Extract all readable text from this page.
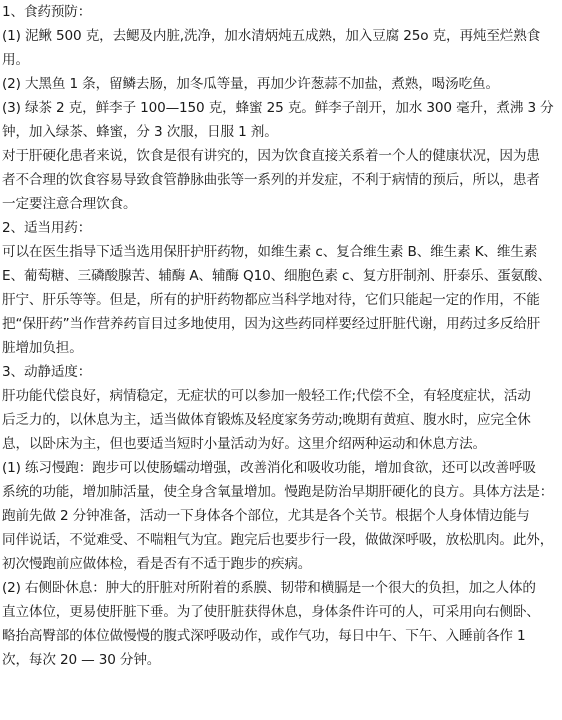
1、食药预防：
(1) 泥鳅 500 克，去鳃及内脏,洗净，加水清炳炖五成熟，加入豆腐 25o 克，再炖至烂熟食
用。
(2) 大黑鱼 1 条，留鳞去肠，加冬瓜等量，再加少许葱蒜不加盐，煮熟，喝汤吃鱼。
(3) 绿茶 2 克，鲜李子 100—150 克，蜂蜜 25 克。鲜李子剖开，加水 300 毫升，煮沸 3 分
钟，加入绿茶、蜂蜜，分 3 次服，日服 1 剂。
对于肝硬化患者来说，饮食是很有讲究的，因为饮食直接关系着一个人的健康状况，因为患
者不合理的饮食容易导致食管静脉曲张等一系列的并发症，不利于病情的预后，所以，患者
一定要注意合理饮食。
2、适当用药：
可以在医生指导下适当选用保肝护肝药物，如维生素 c、复合维生素 B、维生素 K、维生素
E、葡萄糖、三磷酸腺苦、辅酶 A、辅酶 Q10、细胞色素 c、复方肝制剂、肝泰乐、蛋氨酸、
肝宁、肝乐等等。但是，所有的护肝药物都应当科学地对待，它们只能起一定的作用，不能
把“保肝药”当作营养药盲目过多地使用，因为这些药同样要经过肝脏代谢，用药过多反给肝
脏增加负担。
3、动静适度：
肝功能代偿良好，病情稳定，无症状的可以参加一般轻工作;代偿不全，有轻度症状，活动
后乏力的，以休息为主，适当做体育锻炼及轻度家务劳动;晚期有黄疸、腹水时，应完全休
息，以卧床为主，但也要适当短时小量活动为好。这里介绍两种运动和休息方法。
(1) 练习慢跑：跑步可以使肠蠕动增强，改善消化和吸收功能，增加食欲，还可以改善呼吸
系统的功能，增加肺活量，使全身含氧量增加。慢跑是防治早期肝硬化的良方。具体方法是：
跑前先做 2 分钟准备，活动一下身体各个部位，尤其是各个关节。根据个人身体情边能与
同伴说话，不觉难受、不喘粗气为宜。跑完后也要步行一段，做做深呼吸，放松肌肉。此外，
初次慢跑前应做体检，看是否有不适于跑步的疾病。
(2) 右侧卧休息：肿大的肝脏对所附着的系膜、韧带和横膈是一个很大的负担，加之人体的
直立体位，更易使肝脏下垂。为了使肝脏获得休息，身体条件许可的人，可采用向右侧卧、
略抬高臀部的体位做慢慢的腹式深呼吸动作，或作气功，每日中午、下午、入睡前各作 1
次，每次 20 — 30 分钟。
